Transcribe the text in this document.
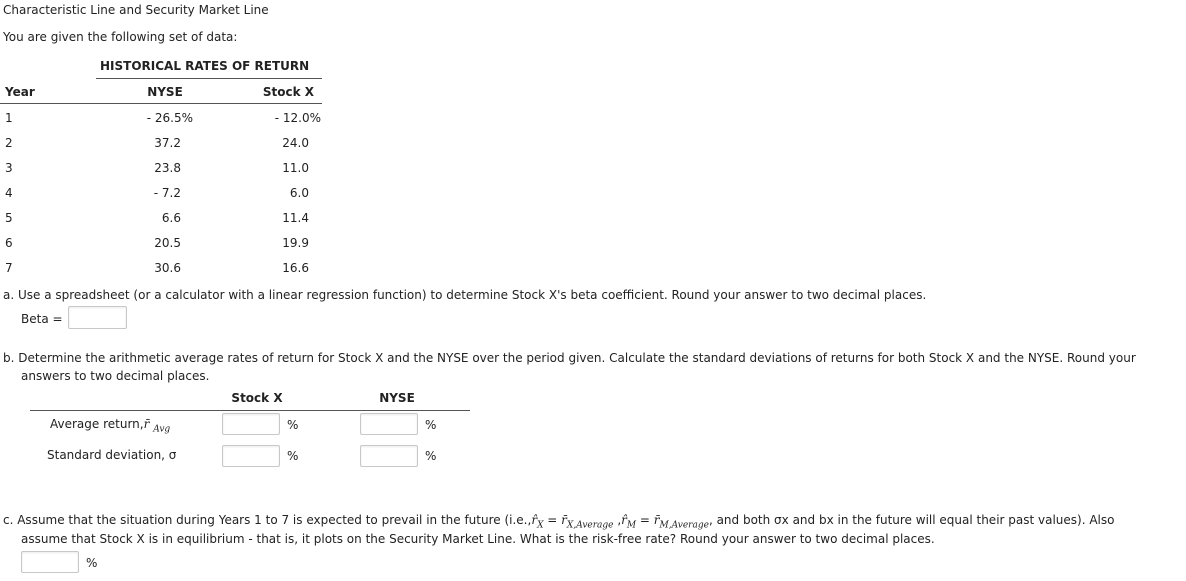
Characteristic Line and Security Market Line
You are given the following set of data:
HISTORICAL RATES OF RETURN
Year	NYSE	Stock X
1	- 26.5%	- 12.0%
2	37.2	24.0
3	23.8	11.0
4	- 7.2	6.0
5	6.6	11.4
6	20.5	19.9
7	30.6	16.6
a. Use a spreadsheet (or a calculator with a linear regression function) to determine Stock X's beta coefficient. Round your answer to two decimal places.
Beta =
b. Determine the arithmetic average rates of return for Stock X and the NYSE over the period given. Calculate the standard deviations of returns for both Stock X and the NYSE. Round your
answers to two decimal places.
Stock X	NYSE
Average return,r̄ $_{Avg}$	%	%
Standard deviation, σ	%	%
c. Assume that the situation during Years 1 to 7 is expected to prevail in the future ($i.e.,r̂_X$ = $r̄_{X,Average}$ $,r̂_M$ = $r̄_{M,Average}$, and both σx and bx in the future will equal their past values). Also
assume that Stock X is in equilibrium - that is, it plots on the Security Market Line. What is the risk-free rate? Round your answer to two decimal places.
%
